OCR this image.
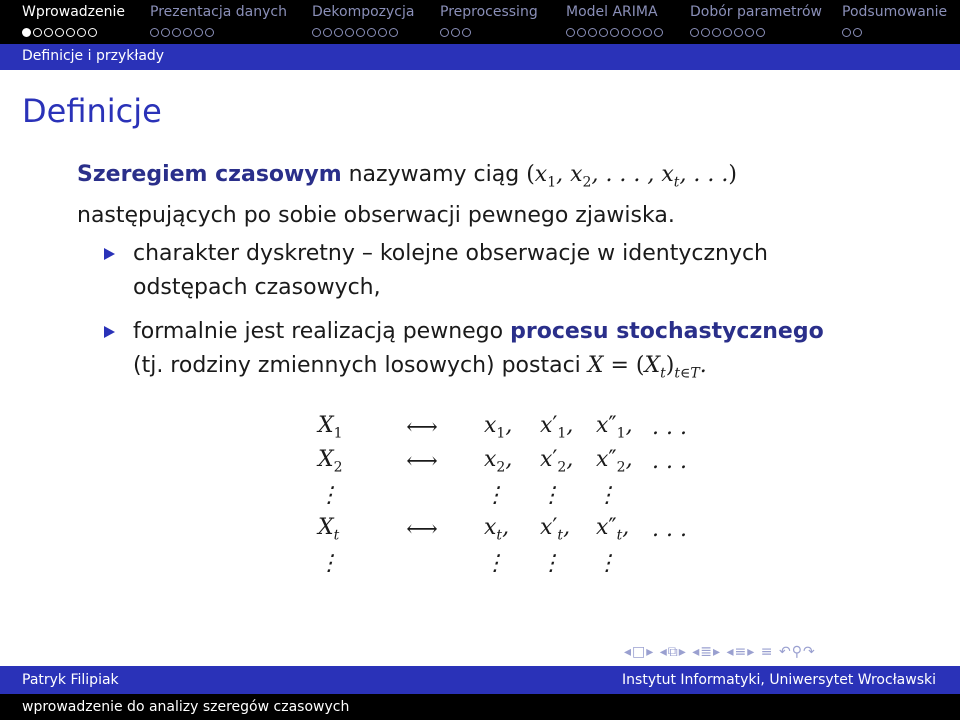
Wprowadzenie Prezentacja danych Dekompozycja Preprocessing Model ARIMA Dobór parametrów Podsumowanie
Definicje i przykłady
Definicje
Szeregiem czasowym nazywamy ciąg ($x_1$, $x_2$, . . . , $x_t$, . . .)
następujących po sobie obserwacji pewnego zjawiska.
charakter dyskretny – kolejne obserwacje w identycznych
odstępach czasowych,
formalnie jest realizacją pewnego procesu stochastycznego
(tj. rodziny zmiennych losowych) postaci $X = (X_t)_{t\in T}$.
$X_1$	⟷	$x_1$,	$x'_1$,	$x''_1$,	. . .
$X_2$	⟷	$x_2$,	$x'_2$,	$x''_2$,	. . .
⋮		⋮	⋮	⋮	
$X_t$	⟷	$x_t$,	$x'_t$,	$x''_t$,	. . .
⋮		⋮	⋮	⋮	
◂□▸ ◂⧉▸ ◂≣▸ ◂≡▸ ≡ ↶⚲↷
Patryk Filipiak	Instytut Informatyki, Uniwersytet Wrocławski
wprowadzenie do analizy szeregów czasowych
